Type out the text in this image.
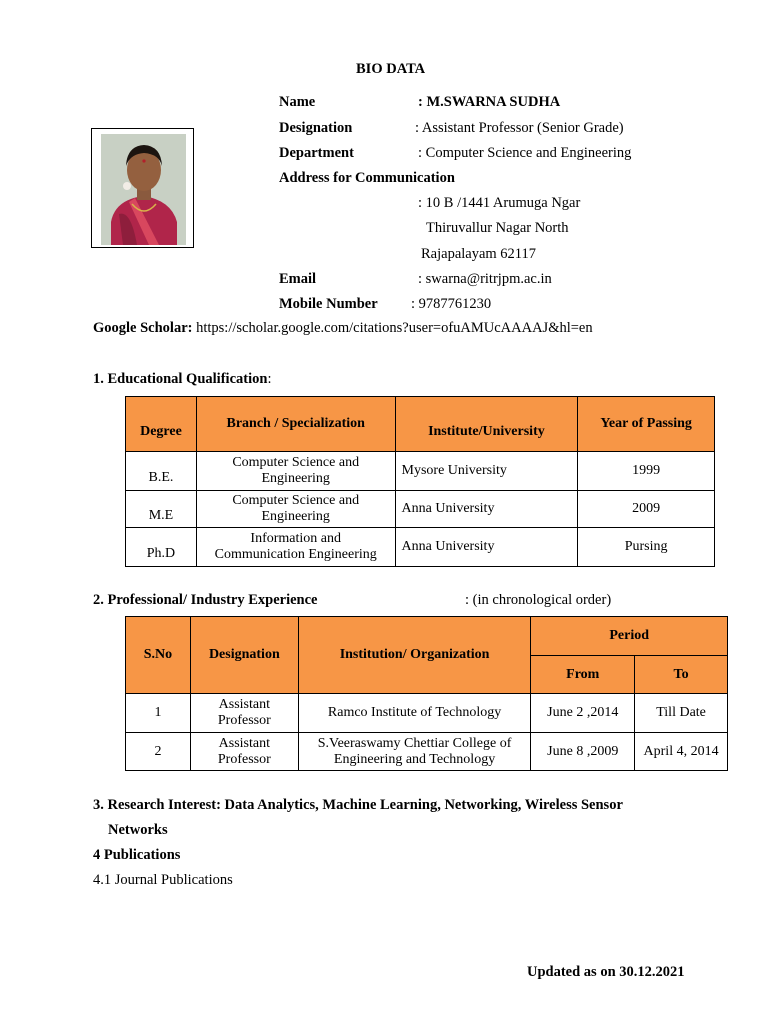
BIO DATA
Name	: M.SWARNA SUDHA
Designation	: Assistant Professor (Senior Grade)
Department	: Computer Science and Engineering
Address for Communication
: 10 B /1441 Arumuga Ngar
Thiruvallur Nagar North
Rajapalayam 62117
Email	: swarna@ritrjpm.ac.in
Mobile Number : 9787761230
Google Scholar: https://scholar.google.com/citations?user=ofuAMUcAAAAJ&hl=en
1. Educational Qualification:
Degree	Branch / Specialization	Institute/University	Year of Passing
B.E.	Computer Science and
Engineering	Mysore University	1999
M.E	Computer Science and
Engineering	Anna University	2009
Ph.D	Information and
Communication Engineering	Anna University	Pursing
2. Professional/ Industry Experience	: (in chronological order)
S.No	Designation	Institution/ Organization	Period	
			From	To
1	Assistant
Professor	Ramco Institute of Technology	June 2 ,2014	Till Date
2	Assistant
Professor	S.Veeraswamy Chettiar College of
Engineering and Technology	June 8 ,2009	April 4, 2014
3. Research Interest: Data Analytics, Machine Learning, Networking, Wireless Sensor
Networks
4 Publications
4.1 Journal Publications
Updated as on 30.12.2021
